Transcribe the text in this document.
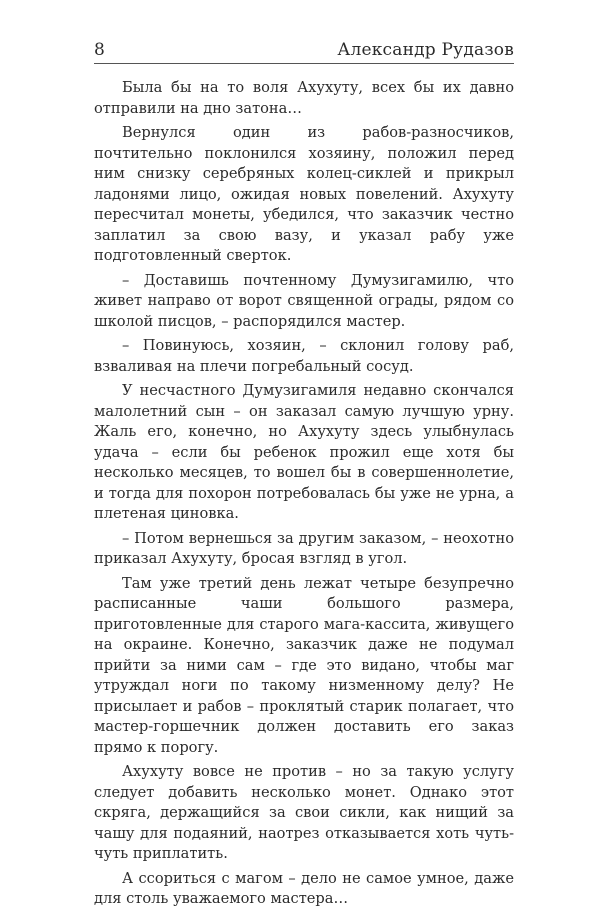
8	Александр Рудазов

Была бы на то воля Ахухуту, всех бы их давно отправили на дно затона…

Вернулся один из рабов-разносчиков, почтительно поклонился хозяину, положил перед ним снизку серебряных колец-сиклей и прикрыл ладонями лицо, ожидая новых повелений. Ахухуту пересчитал монеты, убедился, что заказчик честно заплатил за свою вазу, и указал рабу уже подготовленный сверток.

– Доставишь почтенному Думузигамилю, что живет направо от ворот священной ограды, рядом со школой писцов, – распорядился мастер.

– Повинуюсь, хозяин, – склонил голову раб, взваливая на плечи погребальный сосуд.

У несчастного Думузигамиля недавно скончался малолетний сын – он заказал самую лучшую урну. Жаль его, конечно, но Ахухуту здесь улыбнулась удача – если бы ребенок прожил еще хотя бы несколько месяцев, то вошел бы в совершеннолетие, и тогда для похорон потребовалась бы уже не урна, а плетеная циновка.

– Потом вернешься за другим заказом, – неохотно приказал Ахухуту, бросая взгляд в угол.

Там уже третий день лежат четыре безупречно расписанные чаши большого размера, приготовленные для старого мага-кассита, живущего на окраине. Конечно, заказчик даже не подумал прийти за ними сам – где это видано, чтобы маг утруждал ноги по такому низменному делу? Не присылает и рабов – проклятый старик полагает, что мастер-горшечник должен доставить его заказ прямо к порогу.

Ахухуту вовсе не против – но за такую услугу следует добавить несколько монет. Однако этот скряга, держащийся за свои сикли, как нищий за чашу для подаяний, наотрез отказывается хоть чуть-чуть приплатить.

А ссориться с магом – дело не самое умное, даже для столь уважаемого мастера…
